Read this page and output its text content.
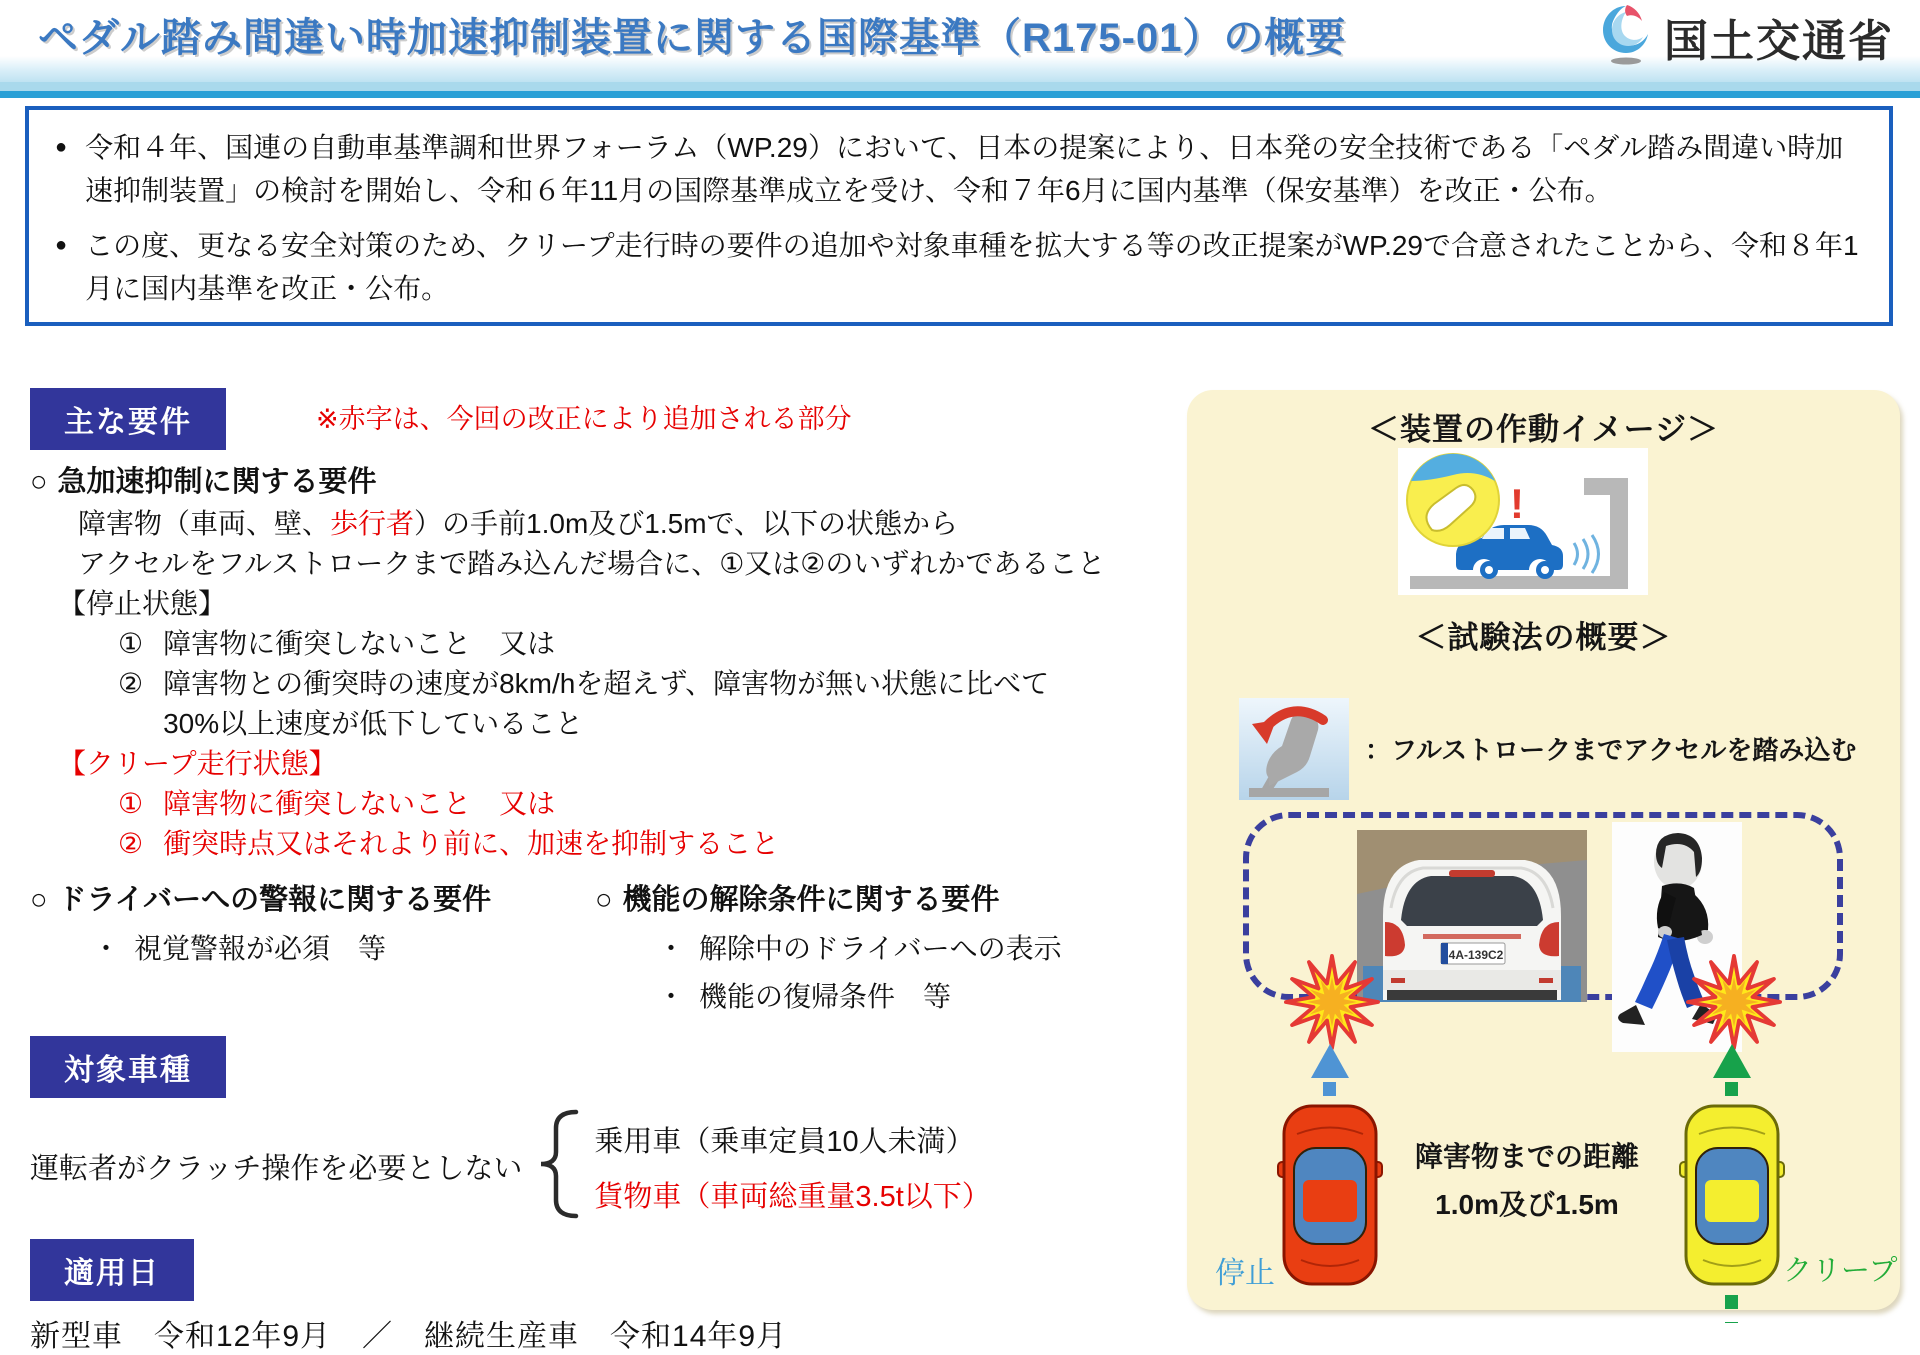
ペダル踏み間違い時加速抑制装置に関する国際基準（R175-01）の概要	国土交通省
● 令和４年、国連の自動車基準調和世界フォーラム（WP.29）において、日本の提案により、日本発の安全技術である「ペダル踏み間違い時加速抑制装置」の検討を開始し、令和６年11月の国際基準成立を受け、令和７年6月に国内基準（保安基準）を改正・公布。
● この度、更なる安全対策のため、クリープ走行時の要件の追加や対象車種を拡大する等の改正提案がWP.29で合意されたことから、令和８年1月に国内基準を改正・公布。
主な要件	※赤字は、今回の改正により追加される部分
○ 急加速抑制に関する要件
障害物（車両、壁、歩行者）の手前1.0m及び1.5mで、以下の状態から
アクセルをフルストロークまで踏み込んだ場合に、①又は②のいずれかであること
【停止状態】
① 障害物に衝突しないこと　又は
② 障害物との衝突時の速度が8km/hを超えず、障害物が無い状態に比べて30%以上速度が低下していること
【クリープ走行状態】
① 障害物に衝突しないこと　又は
② 衝突時点又はそれより前に、加速を抑制すること
○ ドライバーへの警報に関する要件
・ 視覚警報が必須　等
○ 機能の解除条件に関する要件
・ 解除中のドライバーへの表示
・ 機能の復帰条件　等
対象車種
運転者がクラッチ操作を必要としない
乗用車（乗車定員10人未満）
貨物車（車両総重量3.5t以下）
適用日
新型車　令和12年9月　／　継続生産車　令和14年9月
＜装置の作動イメージ＞
!
＜試験法の概要＞
：フルストロークまでアクセルを踏み込む
4A-139C2
障害物までの距離
1.0m及び1.5m
停止	クリープ
